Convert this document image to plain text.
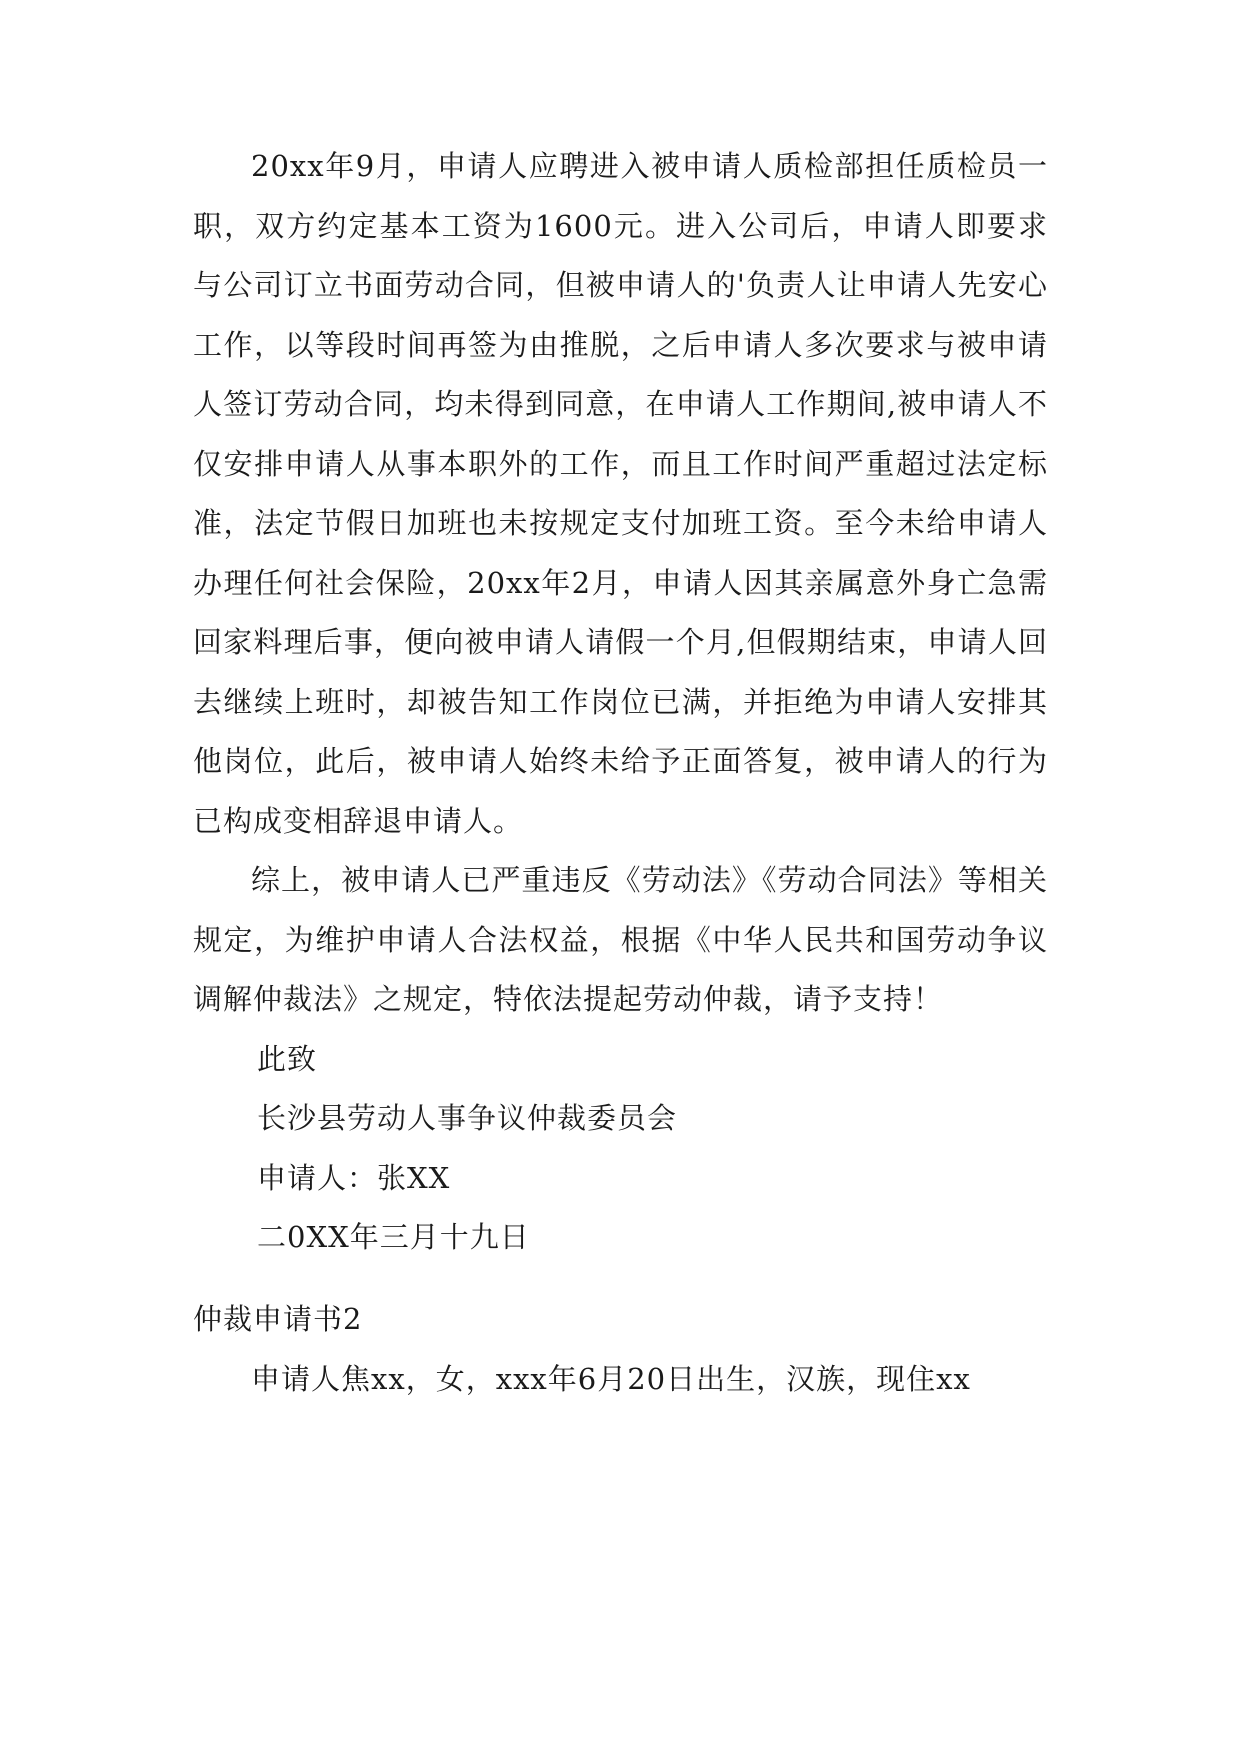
20xx年9月，申请人应聘进入被申请人质检部担任质检员一职，双方约定基本工资为1600元。进入公司后，申请人即要求与公司订立书面劳动合同，但被申请人的'负责人让申请人先安心工作，以等段时间再签为由推脱，之后申请人多次要求与被申请人签订劳动合同，均未得到同意，在申请人工作期间,被申请人不仅安排申请人从事本职外的工作，而且工作时间严重超过法定标准，法定节假日加班也未按规定支付加班工资。至今未给申请人办理任何社会保险，20xx年2月，申请人因其亲属意外身亡急需回家料理后事，便向被申请人请假一个月,但假期结束，申请人回去继续上班时，却被告知工作岗位已满，并拒绝为申请人安排其他岗位，此后，被申请人始终未给予正面答复，被申请人的行为已构成变相辞退申请人。

综上，被申请人已严重违反《劳动法》《劳动合同法》等相关规定，为维护申请人合法权益，根据《中华人民共和国劳动争议调解仲裁法》之规定，特依法提起劳动仲裁，请予支持！

此致

长沙县劳动人事争议仲裁委员会

申请人：张XX

二0XX年三月十九日

仲裁申请书2

申请人焦xx，女，xxx年6月20日出生，汉族，现住xx
